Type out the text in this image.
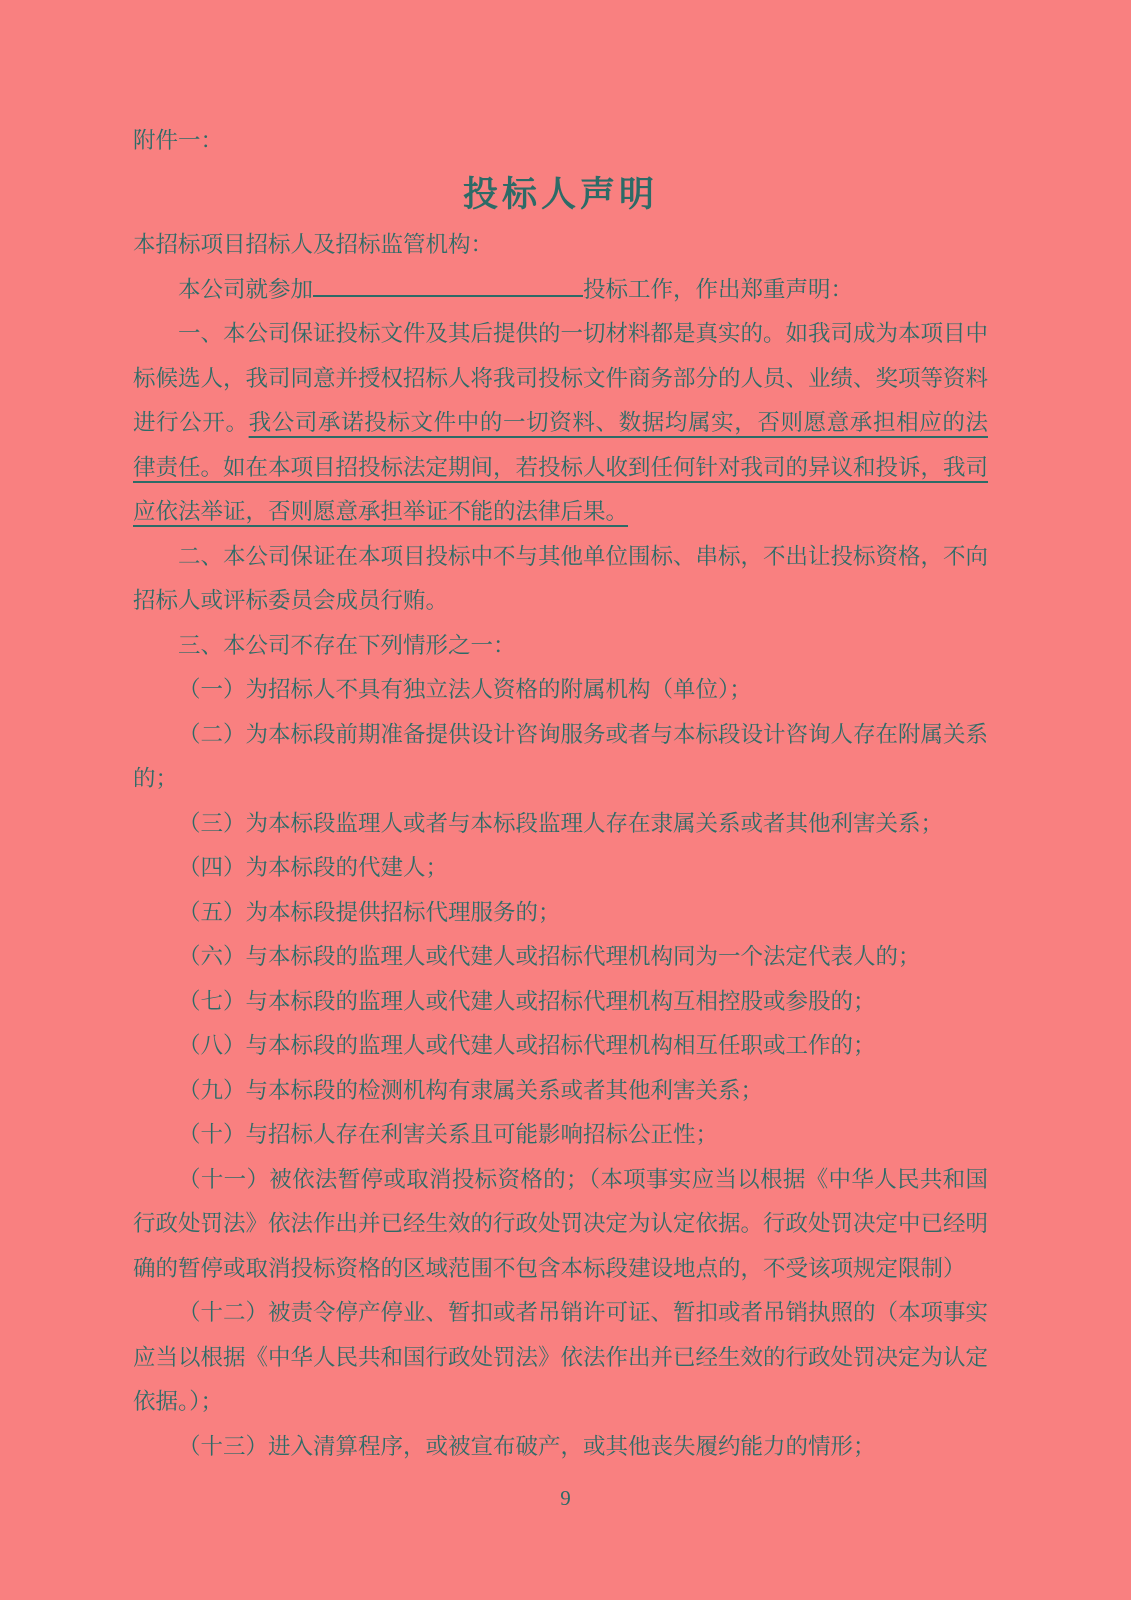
附件一：
投标人声明
本招标项目招标人及招标监管机构：

本公司就参加	投标工作，作出郑重声明：

一、本公司保证投标文件及其后提供的一切材料都是真实的。如我司成为本项目中标候选人，我司同意并授权招标人将我司投标文件商务部分的人员、业绩、奖项等资料进行公开。我公司承诺投标文件中的一切资料、数据均属实，否则愿意承担相应的法律责任。如在本项目招投标法定期间，若投标人收到任何针对我司的异议和投诉，我司应依法举证，否则愿意承担举证不能的法律后果。

二、本公司保证在本项目投标中不与其他单位围标、串标，不出让投标资格，不向招标人或评标委员会成员行贿。

三、本公司不存在下列情形之一：

（一）为招标人不具有独立法人资格的附属机构（单位）；

（二）为本标段前期准备提供设计咨询服务或者与本标段设计咨询人存在附属关系的；

（三）为本标段监理人或者与本标段监理人存在隶属关系或者其他利害关系；

（四）为本标段的代建人；

（五）为本标段提供招标代理服务的；

（六）与本标段的监理人或代建人或招标代理机构同为一个法定代表人的；

（七）与本标段的监理人或代建人或招标代理机构互相控股或参股的；

（八）与本标段的监理人或代建人或招标代理机构相互任职或工作的；

（九）与本标段的检测机构有隶属关系或者其他利害关系；

（十）与招标人存在利害关系且可能影响招标公正性；

（十一）被依法暂停或取消投标资格的；（本项事实应当以根据《中华人民共和国行政处罚法》依法作出并已经生效的行政处罚决定为认定依据。行政处罚决定中已经明确的暂停或取消投标资格的区域范围不包含本标段建设地点的，不受该项规定限制）

（十二）被责令停产停业、暂扣或者吊销许可证、暂扣或者吊销执照的（本项事实应当以根据《中华人民共和国行政处罚法》依法作出并已经生效的行政处罚决定为认定依据。）；

（十三）进入清算程序，或被宣布破产，或其他丧失履约能力的情形；

9
